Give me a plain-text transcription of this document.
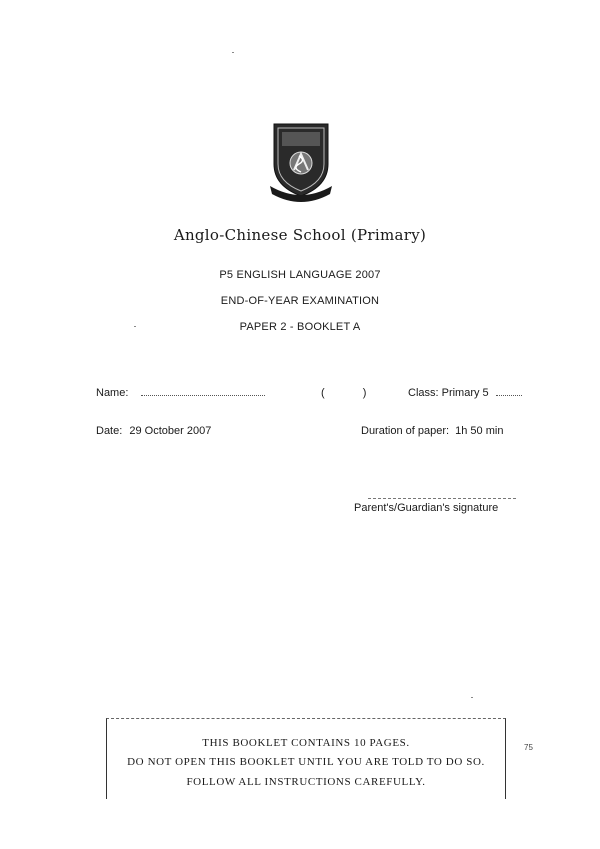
Anglo-Chinese School (Primary)
P5 ENGLISH LANGUAGE 2007
END-OF-YEAR EXAMINATION
PAPER 2 - BOOKLET A
Name:	(	)	Class: Primary 5
Date: 29 October 2007	Duration of paper: 1h 50 min
Parent's/Guardian's signature
THIS BOOKLET CONTAINS 10 PAGES.
DO NOT OPEN THIS BOOKLET UNTIL YOU ARE TOLD TO DO SO.
FOLLOW ALL INSTRUCTIONS CAREFULLY.
75
